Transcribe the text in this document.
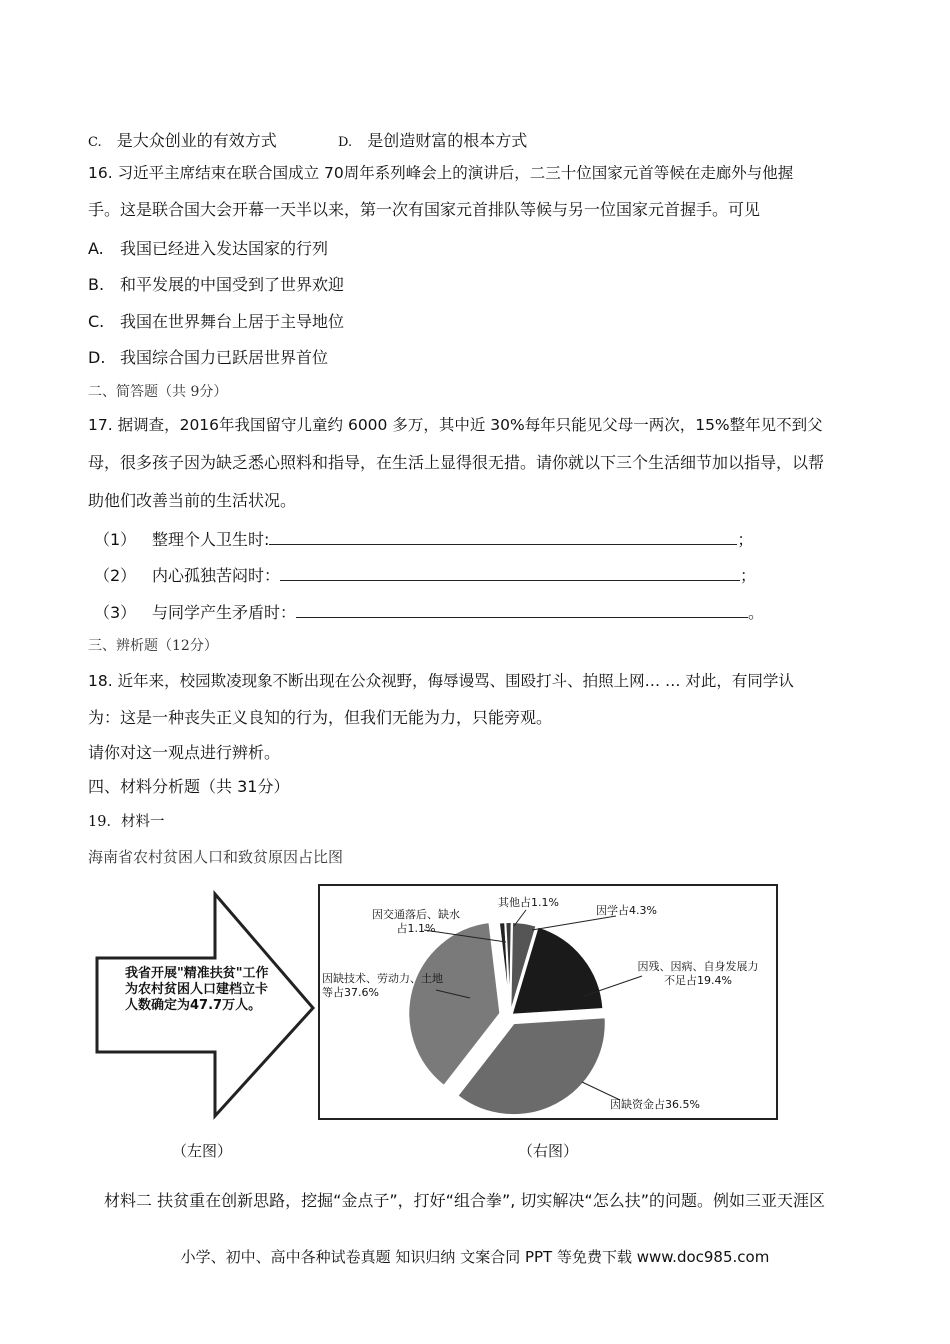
C. 是大众创业的有效方式	D. 是创造财富的根本方式
16. 习近平主席结束在联合国成立 70周年系列峰会上的演讲后，二三十位国家元首等候在走廊外与他握
手。这是联合国大会开幕一天半以来，第一次有国家元首排队等候与另一位国家元首握手。可见
A. 我国已经进入发达国家的行列
B. 和平发展的中国受到了世界欢迎
C. 我国在世界舞台上居于主导地位
D. 我国综合国力已跃居世界首位
二、简答题（共 9分）
17. 据调查，2016年我国留守儿童约 6000 多万，其中近 30%每年只能见父母一两次，15%整年见不到父
母，很多孩子因为缺乏悉心照料和指导，在生活上显得很无措。请你就以下三个生活细节加以指导，以帮
助他们改善当前的生活状况。
（1） 整理个人卫生时:	；
（2） 内心孤独苦闷时：	；
（3） 与同学产生矛盾时：	。
三、辨析题（12分）
18. 近年来，校园欺凌现象不断出现在公众视野，侮辱谩骂、围殴打斗、拍照上网… … 对此，有同学认
为：这是一种丧失正义良知的行为，但我们无能为力，只能旁观。
请你对这一观点进行辨析。
四、材料分析题（共 31分）
19．材料一
海南省农村贫困人口和致贫原因占比图
我省开展"精准扶贫"工作 为农村贫困人口建档立卡 人数确定为47.7万人。
因交通落后、缺水占1.1%
其他占1.1%
因学占4.3%
因残、因病、自身发展力不足占19.4%
因缺技术、劳动力、土地等占37.6%
因缺资金占36.5%
（左图）	（右图）
材料二 扶贫重在创新思路，挖掘“金点子”，打好“组合拳”, 切实解决“怎么扶”的问题。例如三亚天涯区
小学、初中、高中各种试卷真题 知识归纳 文案合同 PPT 等免费下载 www.doc985.com
